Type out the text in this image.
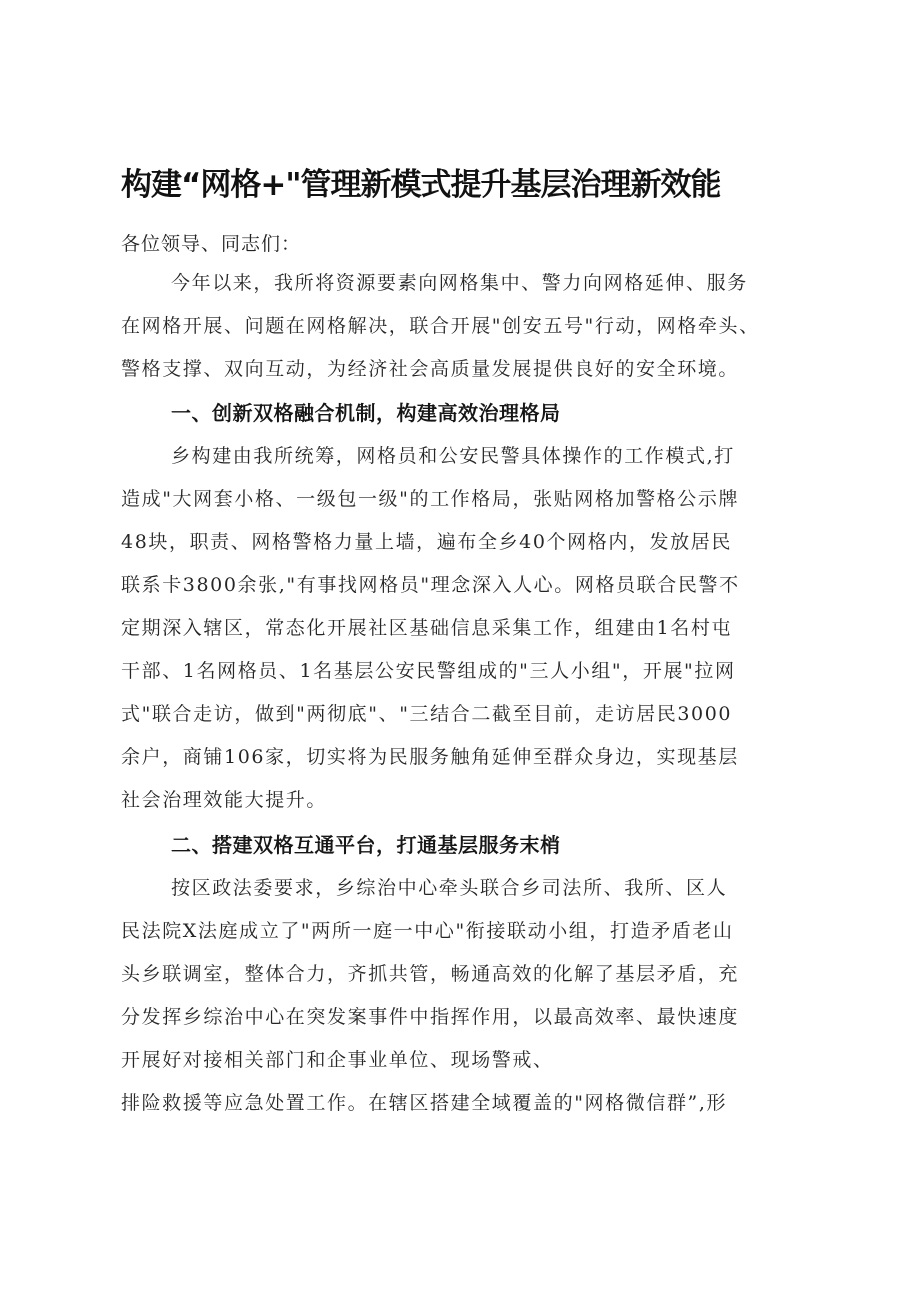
构建“网格+"管理新模式提升基层治理新效能
各位领导、同志们：
今年以来，我所将资源要素向网格集中、警力向网格延伸、服务
在网格开展、问题在网格解决，联合开展"创安五号"行动，网格牵头、
警格支撑、双向互动，为经济社会高质量发展提供良好的安全环境。
一、创新双格融合机制，构建高效治理格局
乡构建由我所统筹，网格员和公安民警具体操作的工作模式,打
造成"大网套小格、一级包一级"的工作格局，张贴网格加警格公示牌
48块，职责、网格警格力量上墙，遍布全乡40个网格内，发放居民
联系卡3800余张,"有事找网格员"理念深入人心。网格员联合民警不
定期深入辖区，常态化开展社区基础信息采集工作，组建由1名村屯
干部、1名网格员、1名基层公安民警组成的"三人小组"，开展"拉网
式"联合走访，做到"两彻底"、"三结合二截至目前，走访居民3000
余户，商铺106家，切实将为民服务触角延伸至群众身边，实现基层
社会治理效能大提升。
二、搭建双格互通平台，打通基层服务末梢
按区政法委要求，乡综治中心牵头联合乡司法所、我所、区人
民法院X法庭成立了"两所一庭一中心"衔接联动小组，打造矛盾老山
头乡联调室，整体合力，齐抓共管，畅通高效的化解了基层矛盾，充
分发挥乡综治中心在突发案事件中指挥作用，以最高效率、最快速度
开展好对接相关部门和企事业单位、现场警戒、
排险救援等应急处置工作。在辖区搭建全域覆盖的"网格微信群”,形
